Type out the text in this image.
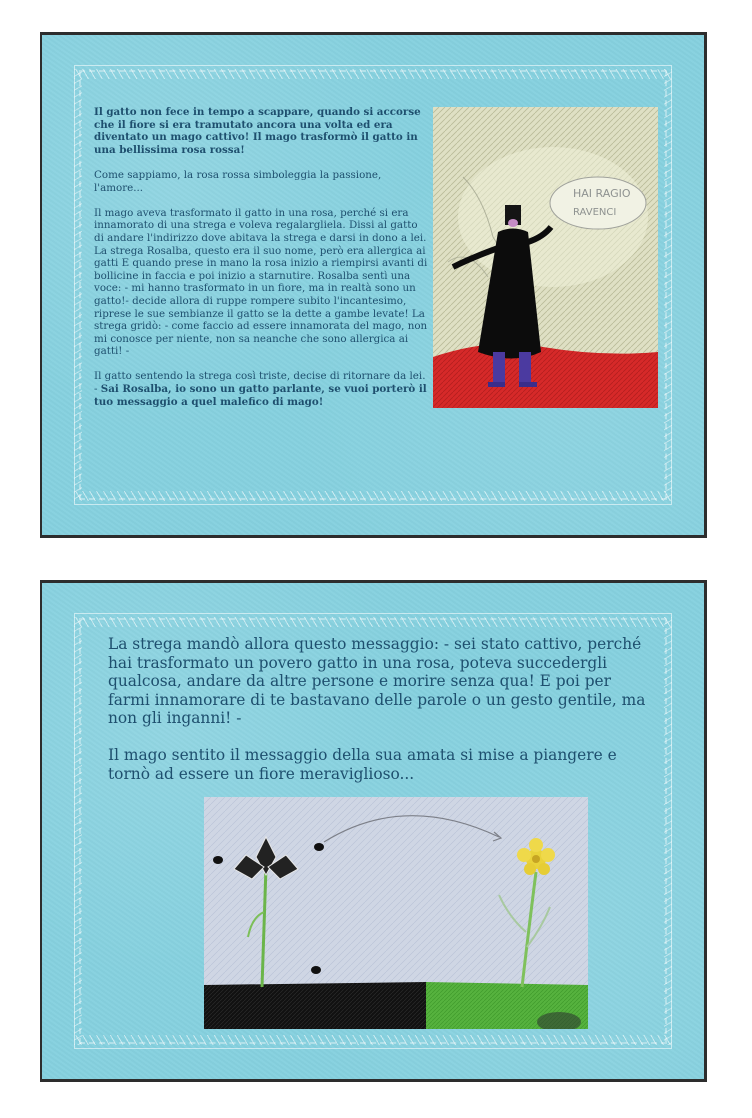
Il gatto non fece in tempo a scappare, quando si accorse che il fiore si era tramutato ancora una volta ed era diventato un mago cattivo! Il mago trasformò il gatto in una bellissima rosa rossa!

Come sappiamo, la rosa rossa simboleggia la passione, l'amore...

Il mago aveva trasformato il gatto in una rosa, perché si era innamorato di una strega e voleva regalargliela. Dissi al gatto di andare l'indirizzo dove abitava la strega e darsi in dono a lei. La strega Rosalba, questo era il suo nome, però era allergica ai gatti E quando prese in mano la rosa inizio a riempirsi avanti di bollicine in faccia e poi inizio a starnutire. Rosalba sentì una voce: - mi hanno trasformato in un fiore, ma in realtà sono un gatto!- decide allora di ruppe rompere subito l'incantesimo, riprese le sue sembianze il gatto se la dette a gambe levate! La strega gridò: - come faccio ad essere innamorata del mago, non mi conosce per niente, non sa neanche che sono allergica ai gatti! -

Il gatto sentendo la strega così triste, decise di ritornare da lei. - Sai Rosalba, io sono un gatto parlante, se vuoi porterò il tuo messaggio a quel malefico di mago!

HAI RAGIO
RAVENCI

La strega mandò allora questo messaggio: - sei stato cattivo, perché hai trasformato un povero gatto in una rosa, poteva succedergli qualcosa, andare da altre persone e morire senza qua! E poi per farmi innamorare di te bastavano delle parole o un gesto gentile, ma non gli inganni! -

Il mago sentito il messaggio della sua amata si mise a piangere e tornò ad essere un fiore meraviglioso...
